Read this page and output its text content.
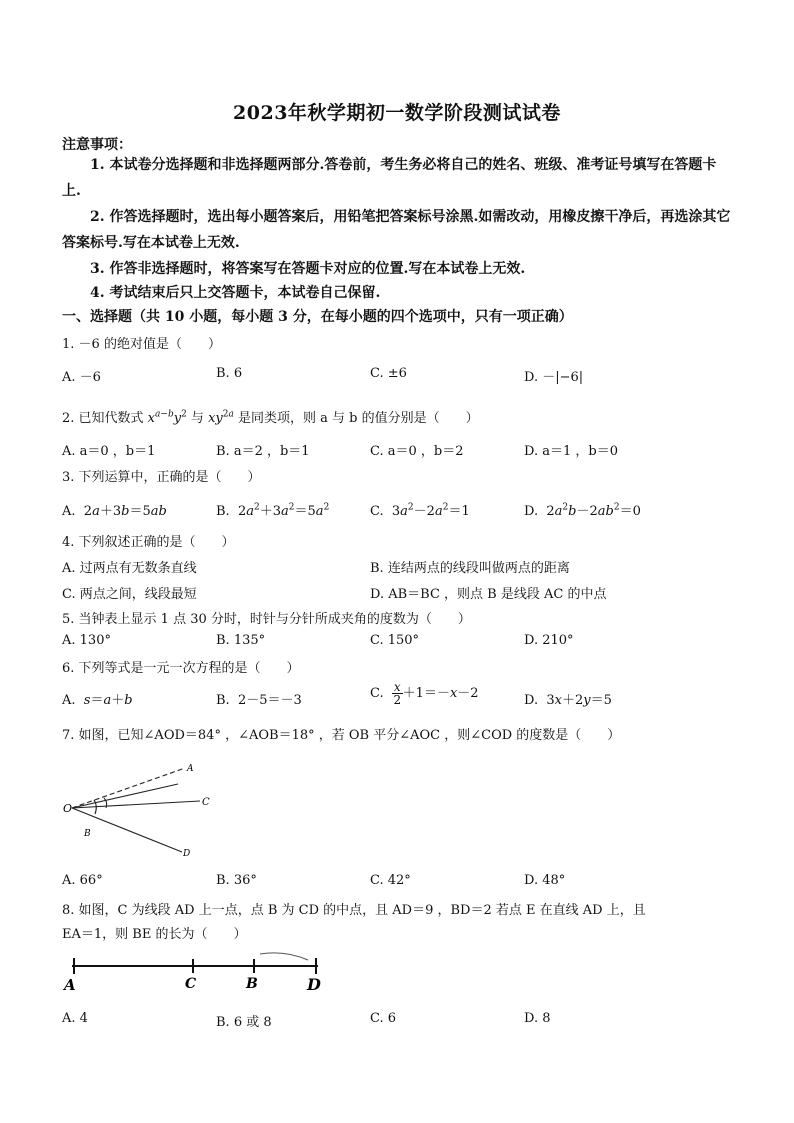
2023年秋学期初一数学阶段测试试卷
注意事项：
1. 本试卷分选择题和非选择题两部分.答卷前，考生务必将自己的姓名、班级、准考证号填写在答题卡上.
2. 作答选择题时，选出每小题答案后，用铅笔把答案标号涂黑.如需改动，用橡皮擦干净后，再选涂其它答案标号.写在本试卷上无效.
3. 作答非选择题时，将答案写在答题卡对应的位置.写在本试卷上无效.
4. 考试结束后只上交答题卡，本试卷自己保留.
一、选择题（共 10 小题，每小题 3 分，在每小题的四个选项中，只有一项正确）
1. －6 的绝对值是（　　）
A. －6	B. 6	C. ±6	D. －|−6|
2. 已知代数式 $x^{a-b}y^2$ 与 $xy^{2a}$ 是同类项，则 a 与 b 的值分别是（　　）
A. a＝0 ，b＝1	B. a＝2 ，b＝1	C. a＝0 ，b＝2	D. a＝1 ，b＝0
3. 下列运算中，正确的是（　　）
A.  2a＋3b＝5ab	B.  $2a^2+3a^2=5a^2$	C.  $3a^2-2a^2=1$	D.  $2a^2b-2ab^2=0$
4. 下列叙述正确的是（　　）
A. 过两点有无数条直线	B. 连结两点的线段叫做两点的距离
C. 两点之间，线段最短	D. AB＝BC ，则点 B 是线段 AC 的中点
5. 当钟表上显示 1 点 30 分时，时针与分针所成夹角的度数为（　　）
A. 130°	B. 135°	C. 150°	D. 210°
6. 下列等式是一元一次方程的是（　　）
A.  s＝a＋b	B.  2－5＝－3	C. $\frac{x}{2} +1=-x-2$	D.  3x＋2y＝5
7. 如图，已知∠AOD＝84° ，∠AOB＝18° ，若 OB 平分∠AOC ，则∠COD 的度数是（　　）
O
A
C
D
B
A. 66°	B. 36°	C. 42°	D. 48°
8. 如图，C 为线段 AD 上一点，点 B 为 CD 的中点，且 AD＝9 ，BD＝2 若点 E 在直线 AD 上，且
EA＝1，则 BE 的长为（　　）
A	C	B	D
A. 4	B. 6 或 8	C. 6	D. 8
